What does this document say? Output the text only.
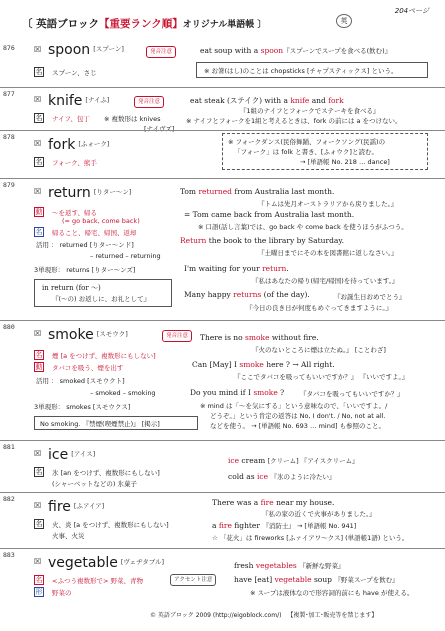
204ページ
〔 英語ブロック【重要ランク順】オリジナル単語帳 〕	英
876 ☒ spoon [スプーン]	発音注意
名 スプーン、さじ
eat soup with a spoon『スプーンでスープを食べる(飲む)』
※ お箸(はし)のことは chopsticks [チャプスティックス] という。
877
☒ knife [ナイふ]	発音注意
名 ナイフ、包丁 ※ 複数形は knives
[ナイヴズ]
eat steak (ステイク) with a knife and fork
『1組のナイフとフォークでステーキを食べる』
※ ナイフとフォークを1組と考えるときは、fork の前には a をつけない。
878
☒ fork [ふォーク]
名 フォーク、熊手
※ フォークダンス(民俗舞踊、フォークソング(民謡)の
「フォーク」は folk と書き、[ふォウク]と読む。
→ [単語帳 No. 218 … dance]
879
☒ return [りター～ン]
動 ～を返す、帰る
(= go back, come back)
名 帰ること、帰宅、帰国、返却
活用 ： returned [りター～ンド]
– returned – returning
3単現形： returns [りター～ンズ]
in return (for ～)
『(～の) お返しに、お礼として』
Tom returned from Australia last month.
『トムは先月オーストラリアから戻りました。』
= Tom came back from Australia last month.
※ 口語(話し言葉)では、go back や come back を使うほうがふつう。
Return the book to the library by Saturday.
『土曜日までにその本を図書館に返しなさい。』
I'm waiting for your return.
『私はあなたの帰り(帰宅/帰国)を待っています。』
Many happy returns (of the day).	『お誕生日おめでとう』
『今日の良き日が何度もめぐってきますように。』
880
☒ smoke [スモウク]	発音注意
名 煙 [a をつけず、複数形にもしない]
動 タバコを吸う、煙を出す
活用 ： smoked [スモウクト]
– smoked – smoking
3単現形： smokes [スモウクス]
No smoking. 『禁煙(喫煙禁止)』 [掲示]
There is no smoke without fire.
『火のないところに煙は立たぬ。』 [ことわざ]
Can [May] I smoke here ? → All right.
『ここでタバコを吸ってもいいですか？』 『いいですよ。』
Do you mind if I smoke ? 『タバコを吸ってもいいですか？』
※ mind は「～を気にする」という意味なので、「いいですよ。/
どうぞ。」という肯定の返答は No, I don't. / No, not at all.
などを使う。 → [単語帳 No. 693 … mind] も参照のこと。
881
☒ ice [アイス]
名 氷 [an をつけず、複数形にもしない]
(シャーベットなどの) 氷菓子
ice cream [クリーム] 『アイスクリーム』
cold as ice 『氷のように冷たい』
882
☒ fire [ふアイア]
名 火、炎 [a をつけず、複数形にもしない]
火事、火災
There was a fire near my house.
『私の家の近くで火事がありました。』
a fire fighter 『消防士』 → [単語帳 No. 941]
☆ 「花火」は fireworks [ふァイアワ～クス] (単語帳1語) という。
883
☒ vegetable [ヴェヂタブル]
アクセント注意
名 <ふつう複数形で> 野菜、青物
形 野菜の
fresh vegetables 『新鮮な野菜』
have [eat] vegetable soup 『野菜スープを飲む』
※ スープは液体なので形容詞的前にも have が使える。
© 英語ブロック 2009 (http://eigoblock.com/) 【複製･加工･販売等を禁じます】
